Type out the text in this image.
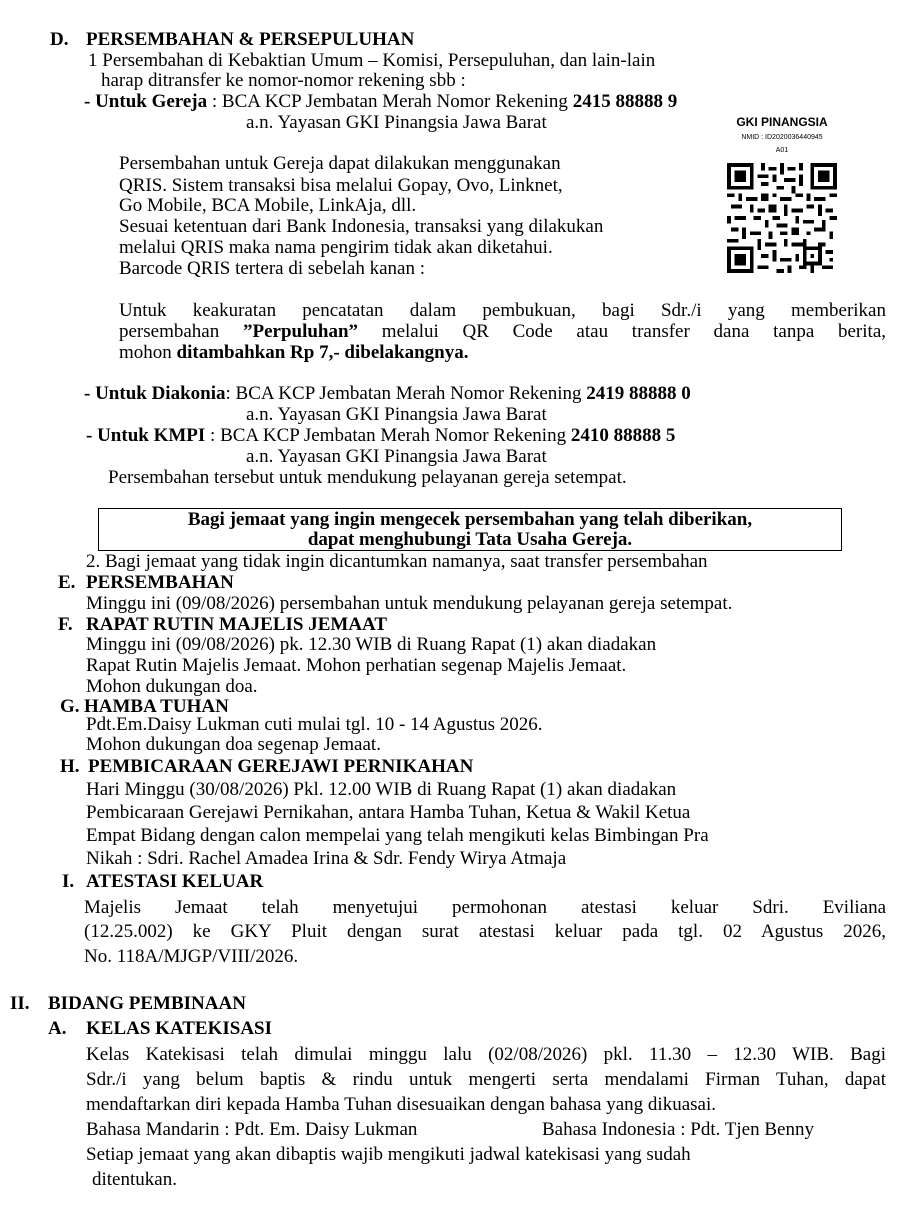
D. PERSEMBAHAN & PERSEPULUHAN
1 Persembahan di Kebaktian Umum – Komisi, Persepuluhan, dan lain-lain
harap ditransfer ke nomor-nomor rekening sbb :
- Untuk Gereja : BCA KCP Jembatan Merah Nomor Rekening 2415 88888 9
a.n. Yayasan GKI Pinangsia Jawa Barat
Persembahan untuk Gereja dapat dilakukan menggunakan
QRIS. Sistem transaksi bisa melalui Gopay, Ovo, Linknet,
Go Mobile, BCA Mobile, LinkAja, dll.
Sesuai ketentuan dari Bank Indonesia, transaksi yang dilakukan
melalui QRIS maka nama pengirim tidak akan diketahui.
Barcode QRIS tertera di sebelah kanan :
GKI PINANGSIA
NMID : ID2020036440945
A01
Untuk keakuratan pencatatan dalam pembukuan, bagi Sdr./i yang memberikan
persembahan ”Perpuluhan” melalui QR Code atau transfer dana tanpa berita,
mohon ditambahkan Rp 7,- dibelakangnya.
- Untuk Diakonia: BCA KCP Jembatan Merah Nomor Rekening 2419 88888 0
a.n. Yayasan GKI Pinangsia Jawa Barat
- Untuk KMPI : BCA KCP Jembatan Merah Nomor Rekening 2410 88888 5
a.n. Yayasan GKI Pinangsia Jawa Barat
Persembahan tersebut untuk mendukung pelayanan gereja setempat.
Bagi jemaat yang ingin mengecek persembahan yang telah diberikan,
dapat menghubungi Tata Usaha Gereja.
2. Bagi jemaat yang tidak ingin dicantumkan namanya, saat transfer persembahan
E. PERSEMBAHAN
Minggu ini (09/08/2026) persembahan untuk mendukung pelayanan gereja setempat.
F. RAPAT RUTIN MAJELIS JEMAAT
Minggu ini (09/08/2026) pk. 12.30 WIB di Ruang Rapat (1) akan diadakan
Rapat Rutin Majelis Jemaat. Mohon perhatian segenap Majelis Jemaat.
Mohon dukungan doa.
G. HAMBA TUHAN
Pdt.Em.Daisy Lukman cuti mulai tgl. 10 - 14 Agustus 2026.
Mohon dukungan doa segenap Jemaat.
H. PEMBICARAAN GEREJAWI PERNIKAHAN
Hari Minggu (30/08/2026) Pkl. 12.00 WIB di Ruang Rapat (1) akan diadakan
Pembicaraan Gerejawi Pernikahan, antara Hamba Tuhan, Ketua & Wakil Ketua
Empat Bidang dengan calon mempelai yang telah mengikuti kelas Bimbingan Pra
Nikah : Sdri. Rachel Amadea Irina & Sdr. Fendy Wirya Atmaja
I. ATESTASI KELUAR
Majelis Jemaat telah menyetujui permohonan atestasi keluar Sdri. Eviliana
(12.25.002) ke GKY Pluit dengan surat atestasi keluar pada tgl. 02 Agustus 2026,
No. 118A/MJGP/VIII/2026.
II. BIDANG PEMBINAAN
A. KELAS KATEKISASI
Kelas Katekisasi telah dimulai minggu lalu (02/08/2026) pkl. 11.30 – 12.30 WIB. Bagi
Sdr./i yang belum baptis & rindu untuk mengerti serta mendalami Firman Tuhan, dapat
mendaftarkan diri kepada Hamba Tuhan disesuaikan dengan bahasa yang dikuasai.
Bahasa Mandarin : Pdt. Em. Daisy Lukman	Bahasa Indonesia : Pdt. Tjen Benny
Setiap jemaat yang akan dibaptis wajib mengikuti jadwal katekisasi yang sudah
ditentukan.
